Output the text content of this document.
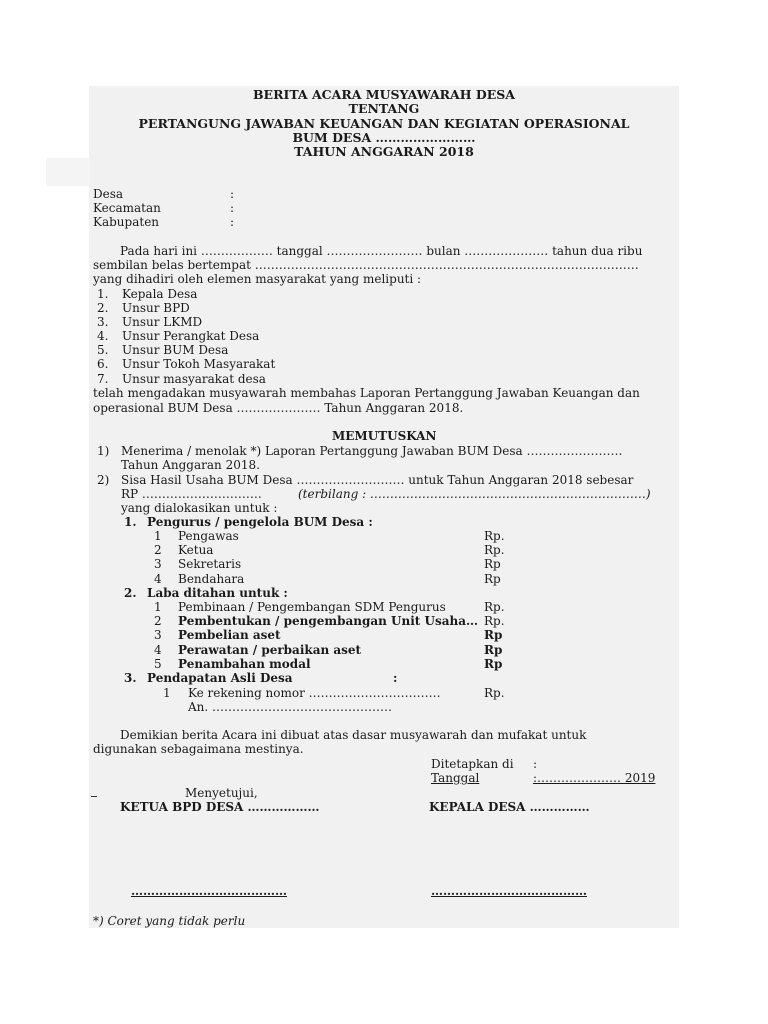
BERITA ACARA MUSYAWARAH DESA
TENTANG
PERTANGUNG JAWABAN KEUANGAN DAN KEGIATAN OPERASIONAL
BUM DESA ……………………
TAHUN ANGGARAN 2018
Desa	:
Kecamatan	:
Kabupaten	:
Pada hari ini ……………… tanggal …………………… bulan ………………… tahun dua ribu
sembilan belas bertempat ……………………………………………………………………………………
yang dihadiri oleh elemen masyarakat yang meliputi :
1. Kepala Desa
2. Unsur BPD
3. Unsur LKMD
4. Unsur Perangkat Desa
5. Unsur BUM Desa
6. Unsur Tokoh Masyarakat
7. Unsur masyarakat desa
telah mengadakan musyawarah membahas Laporan Pertanggung Jawaban Keuangan dan
operasional BUM Desa ………………… Tahun Anggaran 2018.
MEMUTUSKAN
1) Menerima / menolak *) Laporan Pertanggung Jawaban BUM Desa ……………………
Tahun Anggaran 2018.
2) Sisa Hasil Usaha BUM Desa ……………………… untuk Tahun Anggaran 2018 sebesar
RP …………………………	(terbilang : ……………………………………………………………)
yang dialokasikan untuk :
1. Pengurus / pengelola BUM Desa :
1 Pengawas	Rp.
2 Ketua	Rp.
3 Sekretaris	Rp
4 Bendahara	Rp
2. Laba ditahan untuk :
1 Pembinaan / Pengembangan SDM Pengurus	Rp.
2 Pembentukan / pengembangan Unit Usaha… Rp.
3 Pembelian aset	Rp
4 Perawatan / perbaikan aset	Rp
5 Penambahan modal	Rp
3. Pendapatan Asli Desa	:
1 Ke rekening nomor ……………………………	Rp.
An. ………………………………………
Demikian berita Acara ini dibuat atas dasar musyawarah dan mufakat untuk
digunakan sebagaimana mestinya.
Ditetapkan di :
Tanggal	:………………… 2019
Menyetujui,
KETUA BPD DESA ………………	KEPALA DESA ……………
…………………………………	…………………………………
*) Coret yang tidak perlu
